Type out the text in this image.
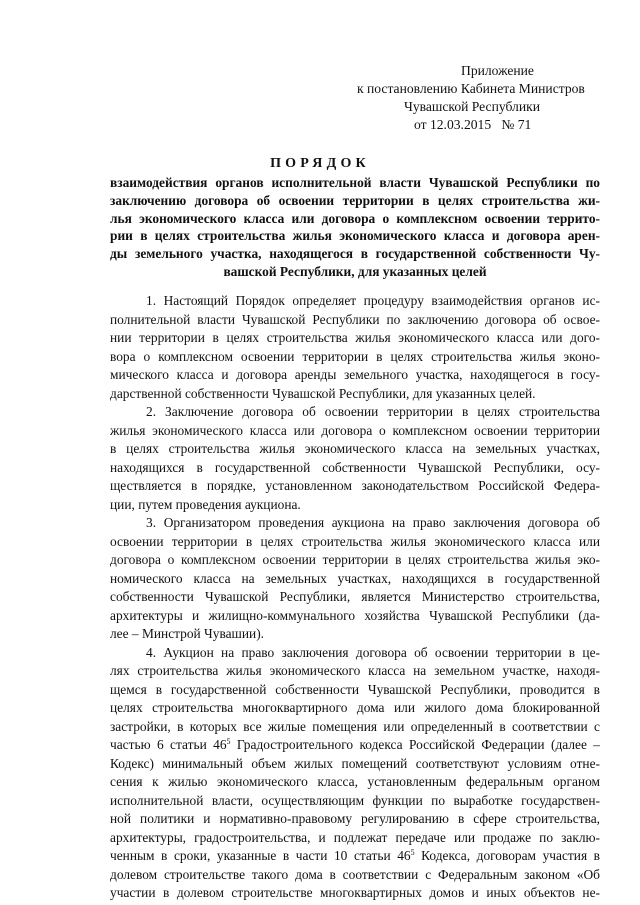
Приложение
к постановлению Кабинета Министров
Чувашской Республики
от 12.03.2015 № 71
ПОРЯДОК
взаимодействия органов исполнительной власти Чувашской Республики по
заключению договора об освоении территории в целях строительства жи-
лья экономического класса или договора о комплексном освоении террито-
рии в целях строительства жилья экономического класса и договора арен-
ды земельного участка, находящегося в государственной собственности Чу-
вашской Республики, для указанных целей
1. Настоящий Порядок определяет процедуру взаимодействия органов ис-
полнительной власти Чувашской Республики по заключению договора об освое-
нии территории в целях строительства жилья экономического класса или дого-
вора о комплексном освоении территории в целях строительства жилья эконо-
мического класса и договора аренды земельного участка, находящегося в госу-
дарственной собственности Чувашской Республики, для указанных целей.
2. Заключение договора об освоении территории в целях строительства
жилья экономического класса или договора о комплексном освоении территории
в целях строительства жилья экономического класса на земельных участках,
находящихся в государственной собственности Чувашской Республики, осу-
ществляется в порядке, установленном законодательством Российской Федера-
ции, путем проведения аукциона.
3. Организатором проведения аукциона на право заключения договора об
освоении территории в целях строительства жилья экономического класса или
договора о комплексном освоении территории в целях строительства жилья эко-
номического класса на земельных участках, находящихся в государственной
собственности Чувашской Республики, является Министерство строительства,
архитектуры и жилищно-коммунального хозяйства Чувашской Республики (да-
лее – Минстрой Чувашии).
4. Аукцион на право заключения договора об освоении территории в це-
лях строительства жилья экономического класса на земельном участке, находя-
щемся в государственной собственности Чувашской Республики, проводится в
целях строительства многоквартирного дома или жилого дома блокированной
застройки, в которых все жилые помещения или определенный в соответствии с
частью 6 статьи $46^5$ Градостроительного кодекса Российской Федерации (далее –
Кодекс) минимальный объем жилых помещений соответствуют условиям отне-
сения к жилью экономического класса, установленным федеральным органом
исполнительной власти, осуществляющим функции по выработке государствен-
ной политики и нормативно-правовому регулированию в сфере строительства,
архитектуры, градостроительства, и подлежат передаче или продаже по заклю-
ченным в сроки, указанные в части 10 статьи $46^5$ Кодекса, договорам участия в
долевом строительстве такого дома в соответствии с Федеральным законом «Об
участии в долевом строительстве многоквартирных домов и иных объектов не-
